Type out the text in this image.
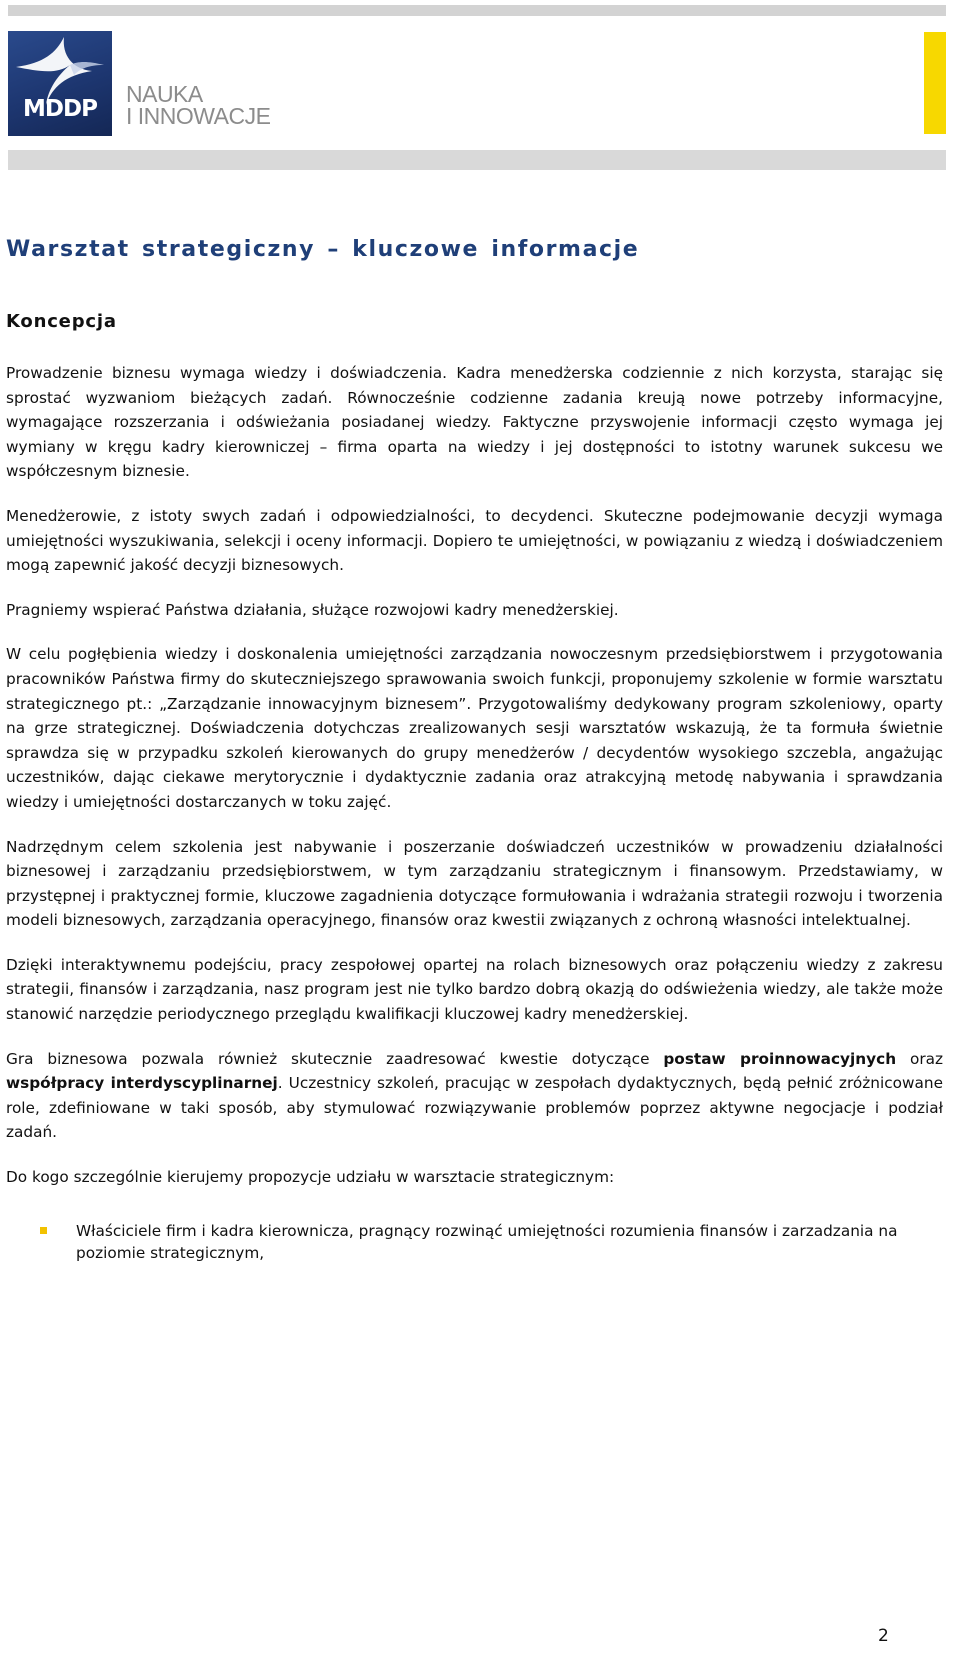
MDDP
NAUKA
I INNOWACJE
Warsztat strategiczny – kluczowe informacje
Koncepcja

Prowadzenie biznesu wymaga wiedzy i doświadczenia. Kadra menedżerska codziennie z nich korzysta, starając się sprostać wyzwaniom bieżących zadań. Równocześnie codzienne zadania kreują nowe potrzeby informacyjne, wymagające rozszerzania i odświeżania posiadanej wiedzy. Faktyczne przyswojenie informacji często wymaga jej wymiany w kręgu kadry kierowniczej – firma oparta na wiedzy i jej dostępności to istotny warunek sukcesu we współczesnym biznesie.

Menedżerowie, z istoty swych zadań i odpowiedzialności, to decydenci. Skuteczne podejmowanie decyzji wymaga umiejętności wyszukiwania, selekcji i oceny informacji. Dopiero te umiejętności, w powiązaniu z wiedzą i doświadczeniem mogą zapewnić jakość decyzji biznesowych.

Pragniemy wspierać Państwa działania, służące rozwojowi kadry menedżerskiej.

W celu pogłębienia wiedzy i doskonalenia umiejętności zarządzania nowoczesnym przedsiębiorstwem i przygotowania pracowników Państwa firmy do skuteczniejszego sprawowania swoich funkcji, proponujemy szkolenie w formie warsztatu strategicznego pt.: „Zarządzanie innowacyjnym biznesem”. Przygotowaliśmy dedykowany program szkoleniowy, oparty na grze strategicznej. Doświadczenia dotychczas zrealizowanych sesji warsztatów wskazują, że ta formuła świetnie sprawdza się w przypadku szkoleń kierowanych do grupy menedżerów / decydentów wysokiego szczebla, angażując uczestników, dając ciekawe merytorycznie i dydaktycznie zadania oraz atrakcyjną metodę nabywania i sprawdzania wiedzy i umiejętności dostarczanych w toku zajęć.

Nadrzędnym celem szkolenia jest nabywanie i poszerzanie doświadczeń uczestników w prowadzeniu działalności biznesowej i zarządzaniu przedsiębiorstwem, w tym zarządzaniu strategicznym i finansowym. Przedstawiamy, w przystępnej i praktycznej formie, kluczowe zagadnienia dotyczące formułowania i wdrażania strategii rozwoju i tworzenia modeli biznesowych, zarządzania operacyjnego, finansów oraz kwestii związanych z ochroną własności intelektualnej.

Dzięki interaktywnemu podejściu, pracy zespołowej opartej na rolach biznesowych oraz połączeniu wiedzy z zakresu strategii, finansów i zarządzania, nasz program jest nie tylko bardzo dobrą okazją do odświeżenia wiedzy, ale także może stanowić narzędzie periodycznego przeglądu kwalifikacji kluczowej kadry menedżerskiej.

Gra biznesowa pozwala również skutecznie zaadresować kwestie dotyczące postaw proinnowacyjnych oraz współpracy interdyscyplinarnej. Uczestnicy szkoleń, pracując w zespołach dydaktycznych, będą pełnić zróżnicowane role, zdefiniowane w taki sposób, aby stymulować rozwiązywanie problemów poprzez aktywne negocjacje i podział zadań.

Do kogo szczególnie kierujemy propozycje udziału w warsztacie strategicznym:

Właściciele firm i kadra kierownicza, pragnący rozwinąć umiejętności rozumienia finansów i zarzadzania na poziomie strategicznym,
2
